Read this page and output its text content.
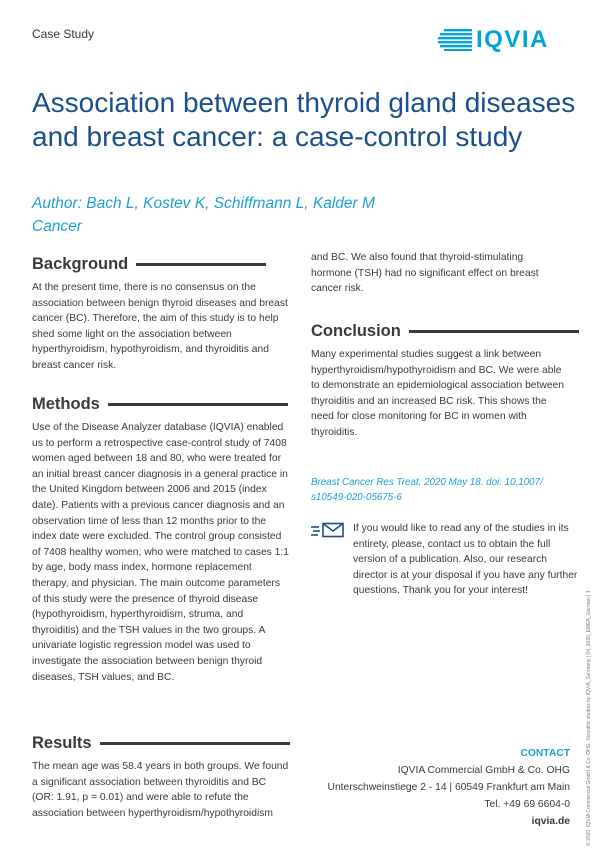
Case Study	IQVIA
Association between thyroid gland diseases and breast cancer: a case-control study
Author: Bach L, Kostev K, Schiffmann L, Kalder M
Cancer
Background

At the present time, there is no consensus on the association between benign thyroid diseases and breast cancer (BC). Therefore, the aim of this study is to help shed some light on the association between hyperthyroidism, hypothyroidism, and thyroiditis and breast cancer risk.

Methods

Use of the Disease Analyzer database (IQVIA) enabled us to perform a retrospective case-control study of 7408 women aged between 18 and 80, who were treated for an initial breast cancer diagnosis in a general practice in the United Kingdom between 2006 and 2015 (index date). Patients with a previous cancer diagnosis and an observation time of less than 12 months prior to the index date were excluded. The control group consisted of 7408 healthy women, who were matched to cases 1:1 by age, body mass index, hormone replacement therapy, and physician. The main outcome parameters of this study were the presence of thyroid disease (hypothyroidism, hyperthyroidism, struma, and thyroiditis) and the TSH values in the two groups. A univariate logistic regression model was used to investigate the association between benign thyroid diseases, TSH values, and BC.

Results

The mean age was 58.4 years in both groups. We found a significant association between thyroiditis and BC (OR: 1.91, p = 0.01) and were able to refute the association between hyperthyroidism/hypothyroidism

and BC. We also found that thyroid-stimulating hormone (TSH) had no significant effect on breast cancer risk.

Conclusion

Many experimental studies suggest a link between hyperthyroidism/hypothyroidism and BC. We were able to demonstrate an epidemiological association between thyroiditis and an increased BC risk. This shows the need for close monitoring for BC in women with thyroiditis.

Breast Cancer Res Treat. 2020 May 18. doi: 10.1007/ s10549-020-05675-6
If you would like to read any of the studies in its entirety, please, contact us to obtain the full version of a publication. Also, our research director is at your disposal if you have any further questions. Thank you for your interest!
CONTACT
IQVIA Commercial GmbH & Co. OHG
Unterschweinstiege 2 - 14 | 60549 Frankfurt am Main
Tel. +49 69 6604-0
iqvia.de	© 2020. IQVIA Commercial GmbH & Co. OHG. Scientific studies by IQVIA_Germany | 04_2020_EMEA_German | 1
